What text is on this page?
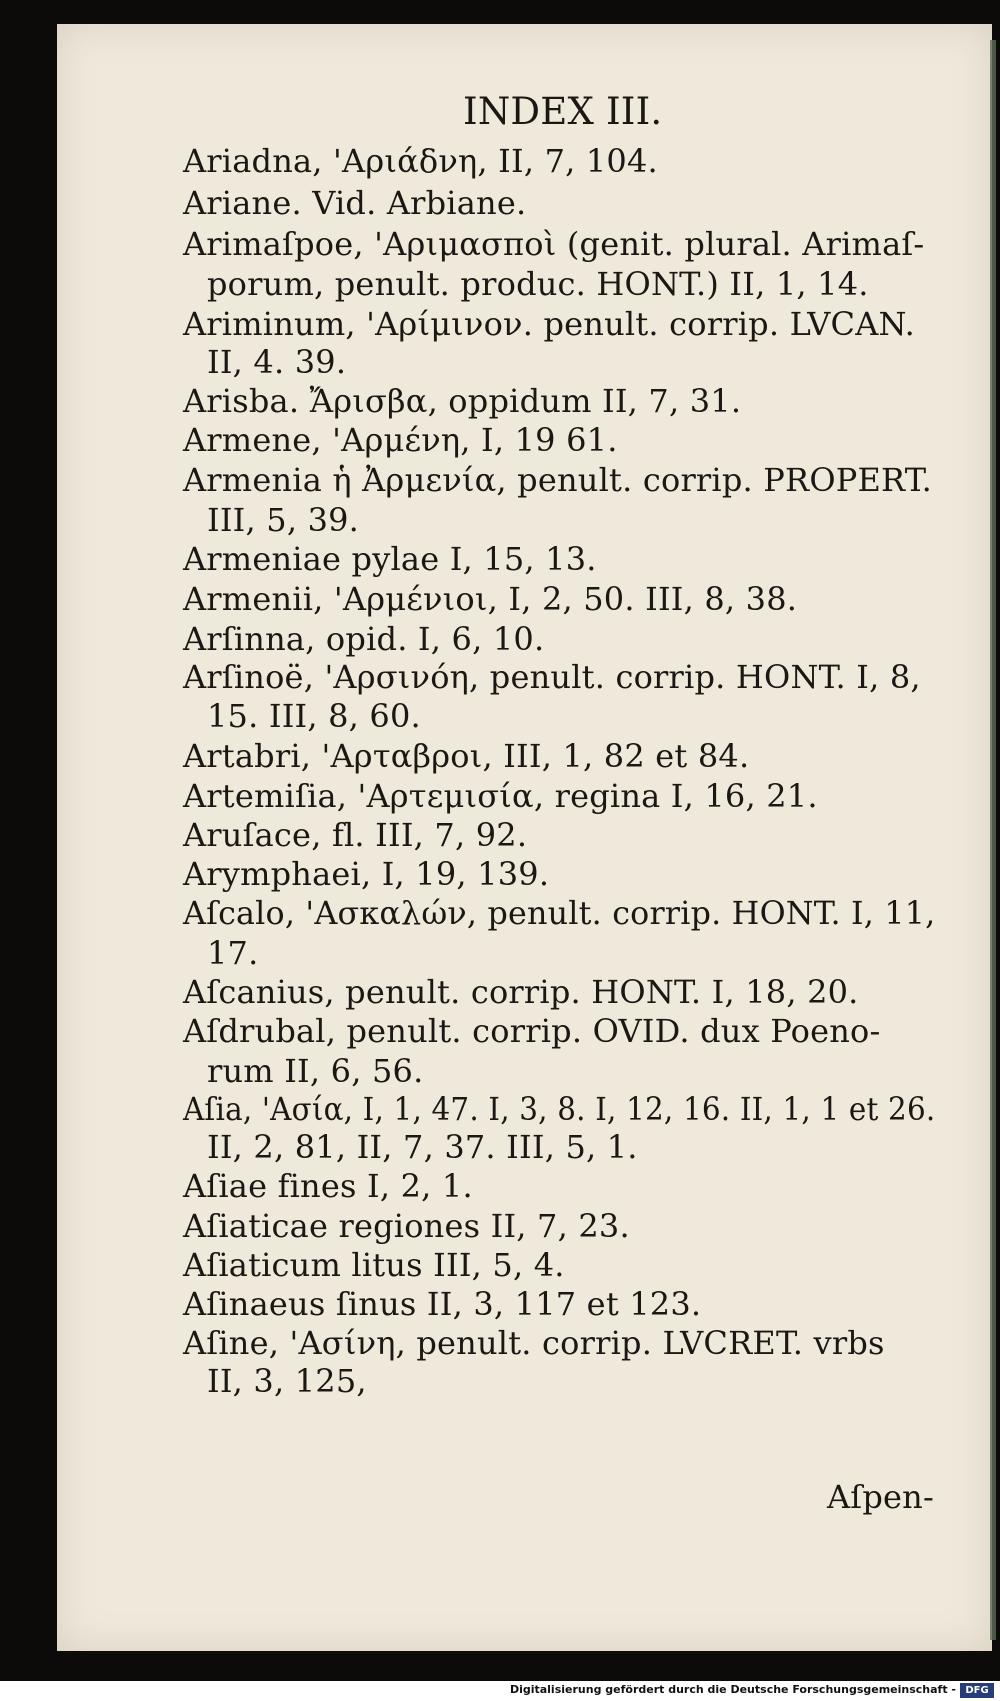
INDEX III.
Ariadna, 'Αριάδνη, II, 7, 104.
Ariane. Vid. Arbiane.
Arimaſpoe, 'Αριμασποὶ (genit. plural. Arimaſ-
porum, penult. produc. HONT.) II, 1, 14.
Ariminum, 'Αρίμινον. penult. corrip. LVCAN.
II, 4. 39.
Arisba. Ἄρισβα, oppidum II, 7, 31.
Armene, 'Αρμένη, I, 19 61.
Armenia ἡ Ἀρμενία, penult. corrip. PROPERT.
III, 5, 39.
Armeniae pylae I, 15, 13.
Armenii, 'Αρμένιοι, I, 2, 50. III, 8, 38.
Arſinna, opid. I, 6, 10.
Arſinoë, 'Αρσινόη, penult. corrip. HONT. I, 8,
15. III, 8, 60.
Artabri, 'Αρταβροι, III, 1, 82 et 84.
Artemiſia, 'Αρτεμισία, regina I, 16, 21.
Aruſace, fl. III, 7, 92.
Arymphaei, I, 19, 139.
Aſcalo, 'Ασκαλών, penult. corrip. HONT. I, 11,
17.
Aſcanius, penult. corrip. HONT. I, 18, 20.
Aſdrubal, penult. corrip. OVID. dux Poeno-
rum II, 6, 56.
Aſia, 'Ασία, I, 1, 47. I, 3, 8. I, 12, 16. II, 1, 1 et 26.
II, 2, 81, II, 7, 37. III, 5, 1.
Aſiae fines I, 2, 1.
Aſiaticae regiones II, 7, 23.
Aſiaticum litus III, 5, 4.
Aſinaeus ſinus II, 3, 117 et 123.
Aſine, 'Ασίνη, penult. corrip. LVCRET. vrbs
II, 3, 125,
Aſpen-
Digitalisierung gefördert durch die Deutsche Forschungsgemeinschaft - DFG
